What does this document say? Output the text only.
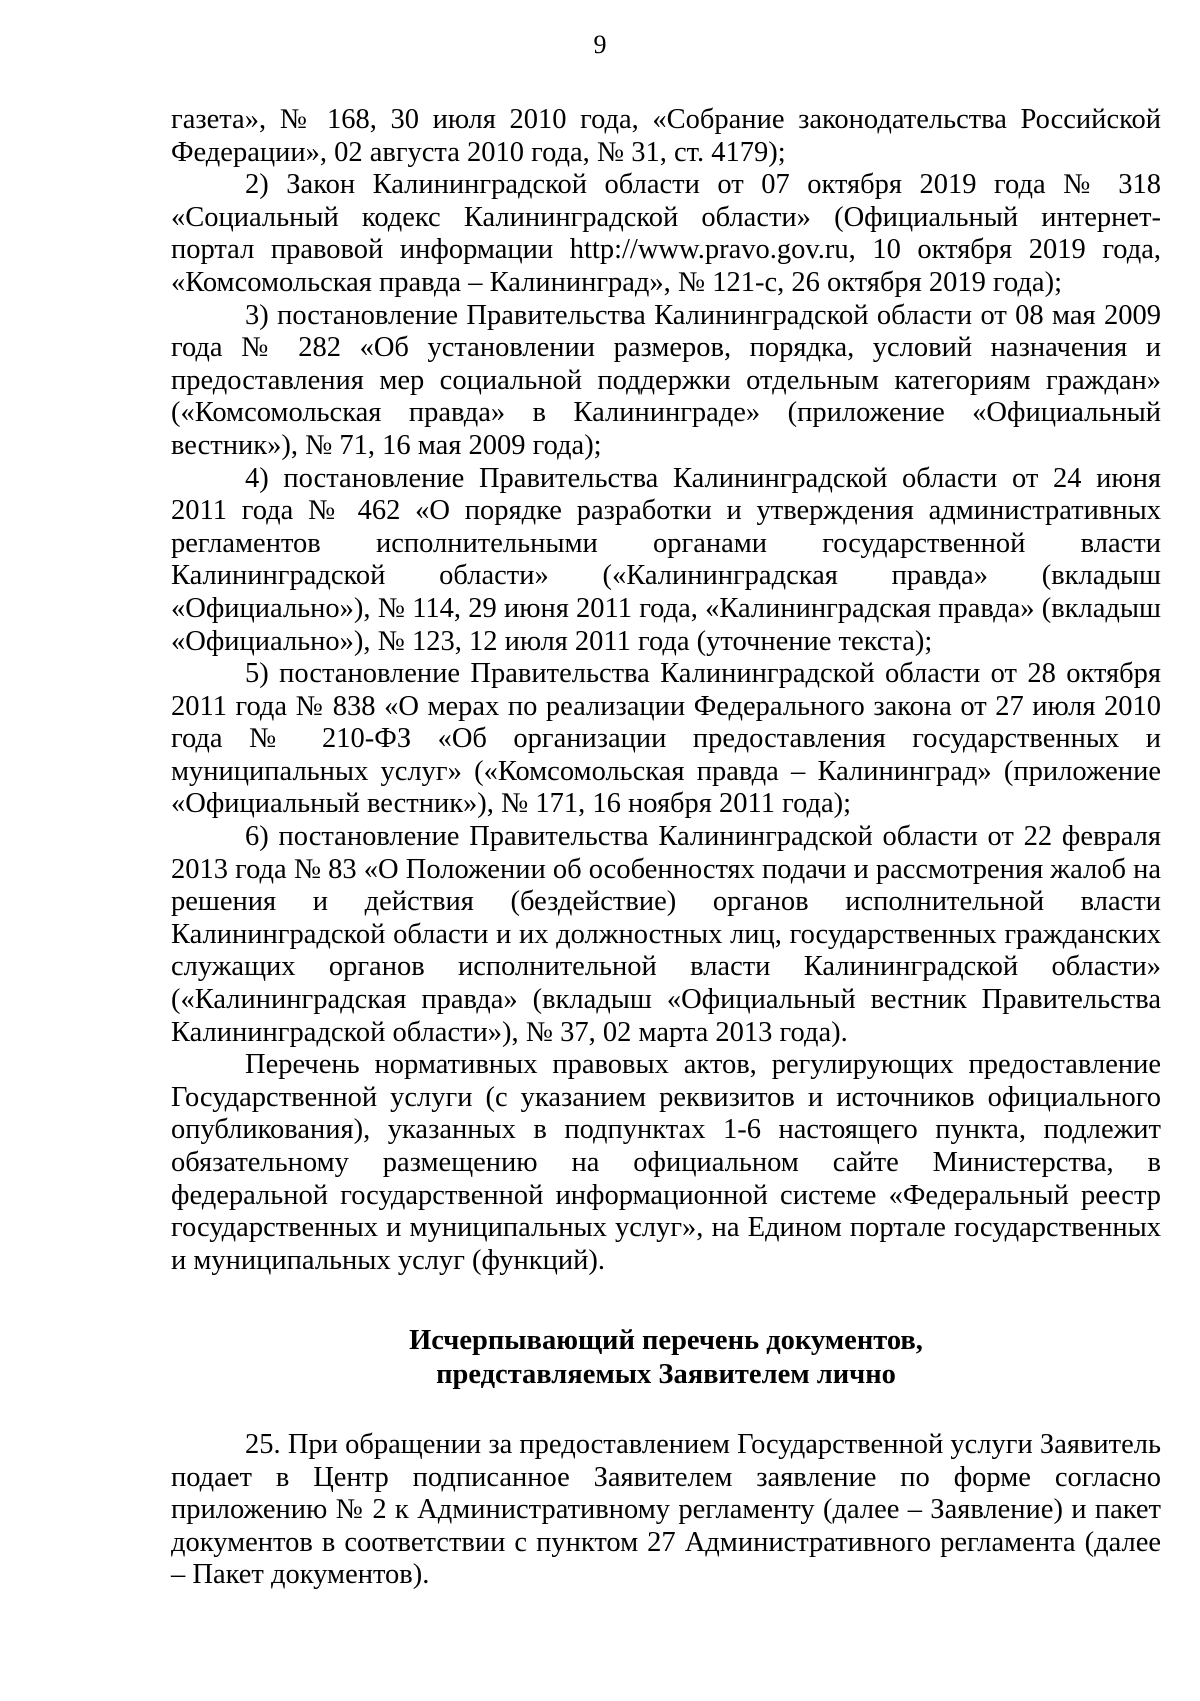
9

газета», № 168, 30 июля 2010 года, «Собрание законодательства Российской Федерации», 02 августа 2010 года, № 31, ст. 4179);

2) Закон Калининградской области от 07 октября 2019 года № 318 «Социальный кодекс Калининградской области» (Официальный интернет-портал правовой информации http://www.pravo.gov.ru, 10 октября 2019 года, «Комсомольская правда – Калининград», № 121-с, 26 октября 2019 года);

3) постановление Правительства Калининградской области от 08 мая 2009 года № 282 «Об установлении размеров, порядка, условий назначения и предоставления мер социальной поддержки отдельным категориям граждан» («Комсомольская правда» в Калининграде» (приложение «Официальный вестник»), № 71, 16 мая 2009 года);

4) постановление Правительства Калининградской области от 24 июня 2011 года № 462 «О порядке разработки и утверждения административных регламентов исполнительными органами государственной власти Калининградской области» («Калининградская правда» (вкладыш «Официально»), № 114, 29 июня 2011 года, «Калининградская правда» (вкладыш «Официально»), № 123, 12 июля 2011 года (уточнение текста);

5) постановление Правительства Калининградской области от 28 октября 2011 года № 838 «О мерах по реализации Федерального закона от 27 июля 2010 года № 210-ФЗ «Об организации предоставления государственных и муниципальных услуг» («Комсомольская правда – Калининград» (приложение «Официальный вестник»), № 171, 16 ноября 2011 года);

6) постановление Правительства Калининградской области от 22 февраля 2013 года № 83 «О Положении об особенностях подачи и рассмотрения жалоб на решения и действия (бездействие) органов исполнительной власти Калининградской области и их должностных лиц, государственных гражданских служащих органов исполнительной власти Калининградской области» («Калининградская правда» (вкладыш «Официальный вестник Правительства Калининградской области»), № 37, 02 марта 2013 года).

Перечень нормативных правовых актов, регулирующих предоставление Государственной услуги (с указанием реквизитов и источников официального опубликования), указанных в подпунктах 1-6 настоящего пункта, подлежит обязательному размещению на официальном сайте Министерства, в федеральной государственной информационной системе «Федеральный реестр государственных и муниципальных услуг», на Едином портале государственных и муниципальных услуг (функций).

Исчерпывающий перечень документов,
представляемых Заявителем лично

25. При обращении за предоставлением Государственной услуги Заявитель подает в Центр подписанное Заявителем заявление по форме согласно приложению № 2 к Административному регламенту (далее – Заявление) и пакет документов в соответствии с пунктом 27 Административного регламента (далее – Пакет документов).
